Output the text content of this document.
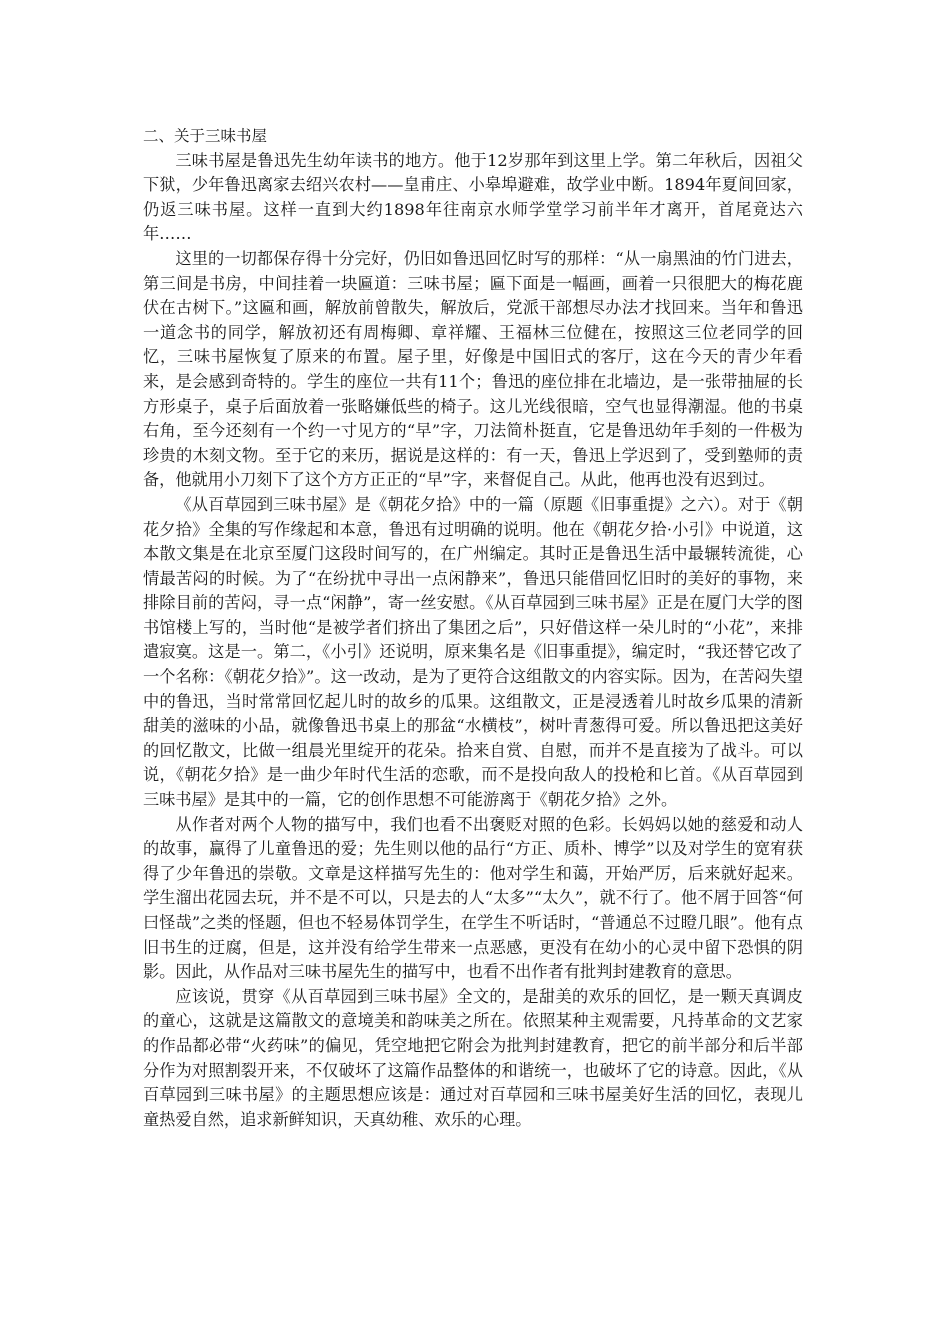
二、关于三味书屋

三味书屋是鲁迅先生幼年读书的地方。他于12岁那年到这里上学。第二年秋后，因祖父下狱，少年鲁迅离家去绍兴农村——皇甫庄、小皋埠避难，故学业中断。1894年夏间回家，仍返三味书屋。这样一直到大约1898年往南京水师学堂学习前半年才离开，首尾竟达六年……

这里的一切都保存得十分完好，仍旧如鲁迅回忆时写的那样：“从一扇黑油的竹门进去，第三间是书房，中间挂着一块匾道：三味书屋；匾下面是一幅画，画着一只很肥大的梅花鹿伏在古树下。”这匾和画，解放前曾散失，解放后，党派干部想尽办法才找回来。当年和鲁迅一道念书的同学，解放初还有周梅卿、章祥耀、王福林三位健在，按照这三位老同学的回忆，三味书屋恢复了原来的布置。屋子里，好像是中国旧式的客厅，这在今天的青少年看来，是会感到奇特的。学生的座位一共有11个；鲁迅的座位排在北墙边，是一张带抽屉的长方形桌子，桌子后面放着一张略嫌低些的椅子。这儿光线很暗，空气也显得潮湿。他的书桌右角，至今还刻有一个约一寸见方的“早”字，刀法简朴挺直，它是鲁迅幼年手刻的一件极为珍贵的木刻文物。至于它的来历，据说是这样的：有一天，鲁迅上学迟到了，受到塾师的责备，他就用小刀刻下了这个方方正正的“早”字，来督促自己。从此，他再也没有迟到过。

《从百草园到三味书屋》是《朝花夕拾》中的一篇（原题《旧事重提》之六）。对于《朝花夕拾》全集的写作缘起和本意，鲁迅有过明确的说明。他在《朝花夕拾·小引》中说道，这本散文集是在北京至厦门这段时间写的，在广州编定。其时正是鲁迅生活中最辗转流徙，心情最苦闷的时候。为了“在纷扰中寻出一点闲静来”，鲁迅只能借回忆旧时的美好的事物，来排除目前的苦闷，寻一点“闲静”，寄一丝安慰。《从百草园到三味书屋》正是在厦门大学的图书馆楼上写的，当时他“是被学者们挤出了集团之后”，只好借这样一朵儿时的“小花”，来排遣寂寞。这是一。第二，《小引》还说明，原来集名是《旧事重提》，编定时，“我还替它改了一个名称：《朝花夕拾》”。这一改动，是为了更符合这组散文的内容实际。因为，在苦闷失望中的鲁迅，当时常常回忆起儿时的故乡的瓜果。这组散文，正是浸透着儿时故乡瓜果的清新甜美的滋味的小品，就像鲁迅书桌上的那盆“水横枝”，树叶青葱得可爱。所以鲁迅把这美好的回忆散文，比做一组晨光里绽开的花朵。拾来自赏、自慰，而并不是直接为了战斗。可以说，《朝花夕拾》是一曲少年时代生活的恋歌，而不是投向敌人的投枪和匕首。《从百草园到三味书屋》是其中的一篇，它的创作思想不可能游离于《朝花夕拾》之外。

从作者对两个人物的描写中，我们也看不出褒贬对照的色彩。长妈妈以她的慈爱和动人的故事，赢得了儿童鲁迅的爱；先生则以他的品行“方正、质朴、博学”以及对学生的宽宥获得了少年鲁迅的崇敬。文章是这样描写先生的：他对学生和蔼，开始严厉，后来就好起来。学生溜出花园去玩，并不是不可以，只是去的人“太多”“太久”，就不行了。他不屑于回答“何曰怪哉”之类的怪题，但也不轻易体罚学生，在学生不听话时，“普通总不过瞪几眼”。他有点旧书生的迂腐，但是，这并没有给学生带来一点恶感，更没有在幼小的心灵中留下恐惧的阴影。因此，从作品对三味书屋先生的描写中，也看不出作者有批判封建教育的意思。

应该说，贯穿《从百草园到三味书屋》全文的，是甜美的欢乐的回忆，是一颗天真调皮的童心，这就是这篇散文的意境美和韵味美之所在。依照某种主观需要，凡持革命的文艺家的作品都必带“火药味”的偏见，凭空地把它附会为批判封建教育，把它的前半部分和后半部分作为对照割裂开来，不仅破坏了这篇作品整体的和谐统一，也破坏了它的诗意。因此，《从百草园到三味书屋》的主题思想应该是：通过对百草园和三味书屋美好生活的回忆，表现儿童热爱自然，追求新鲜知识，天真幼稚、欢乐的心理。
